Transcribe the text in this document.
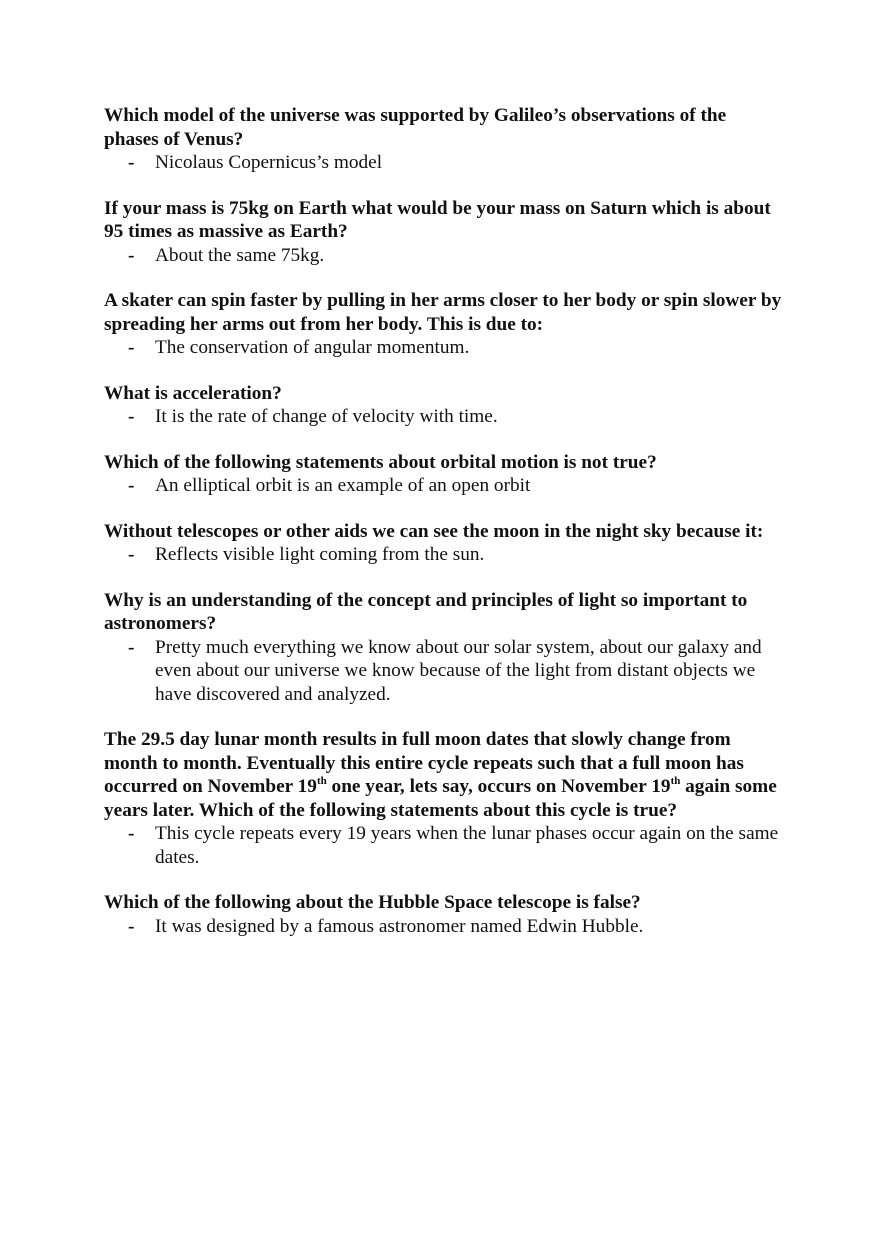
Which model of the universe was supported by Galileo’s observations of the phases of Venus?

- Nicolaus Copernicus’s model

If your mass is 75kg on Earth what would be your mass on Saturn which is about 95 times as massive as Earth?

- About the same 75kg.

A skater can spin faster by pulling in her arms closer to her body or spin slower by spreading her arms out from her body. This is due to:

- The conservation of angular momentum.

What is acceleration?

- It is the rate of change of velocity with time.

Which of the following statements about orbital motion is not true?

- An elliptical orbit is an example of an open orbit

Without telescopes or other aids we can see the moon in the night sky because it:

- Reflects visible light coming from the sun.

Why is an understanding of the concept and principles of light so important to astronomers?

- Pretty much everything we know about our solar system, about our galaxy and even about our universe we know because of the light from distant objects we have discovered and analyzed.

The 29.5 day lunar month results in full moon dates that slowly change from month to month. Eventually this entire cycle repeats such that a full moon has occurred on November 19th one year, lets say, occurs on November 19th again some years later. Which of the following statements about this cycle is true?

- This cycle repeats every 19 years when the lunar phases occur again on the same dates.

Which of the following about the Hubble Space telescope is false?

- It was designed by a famous astronomer named Edwin Hubble.
